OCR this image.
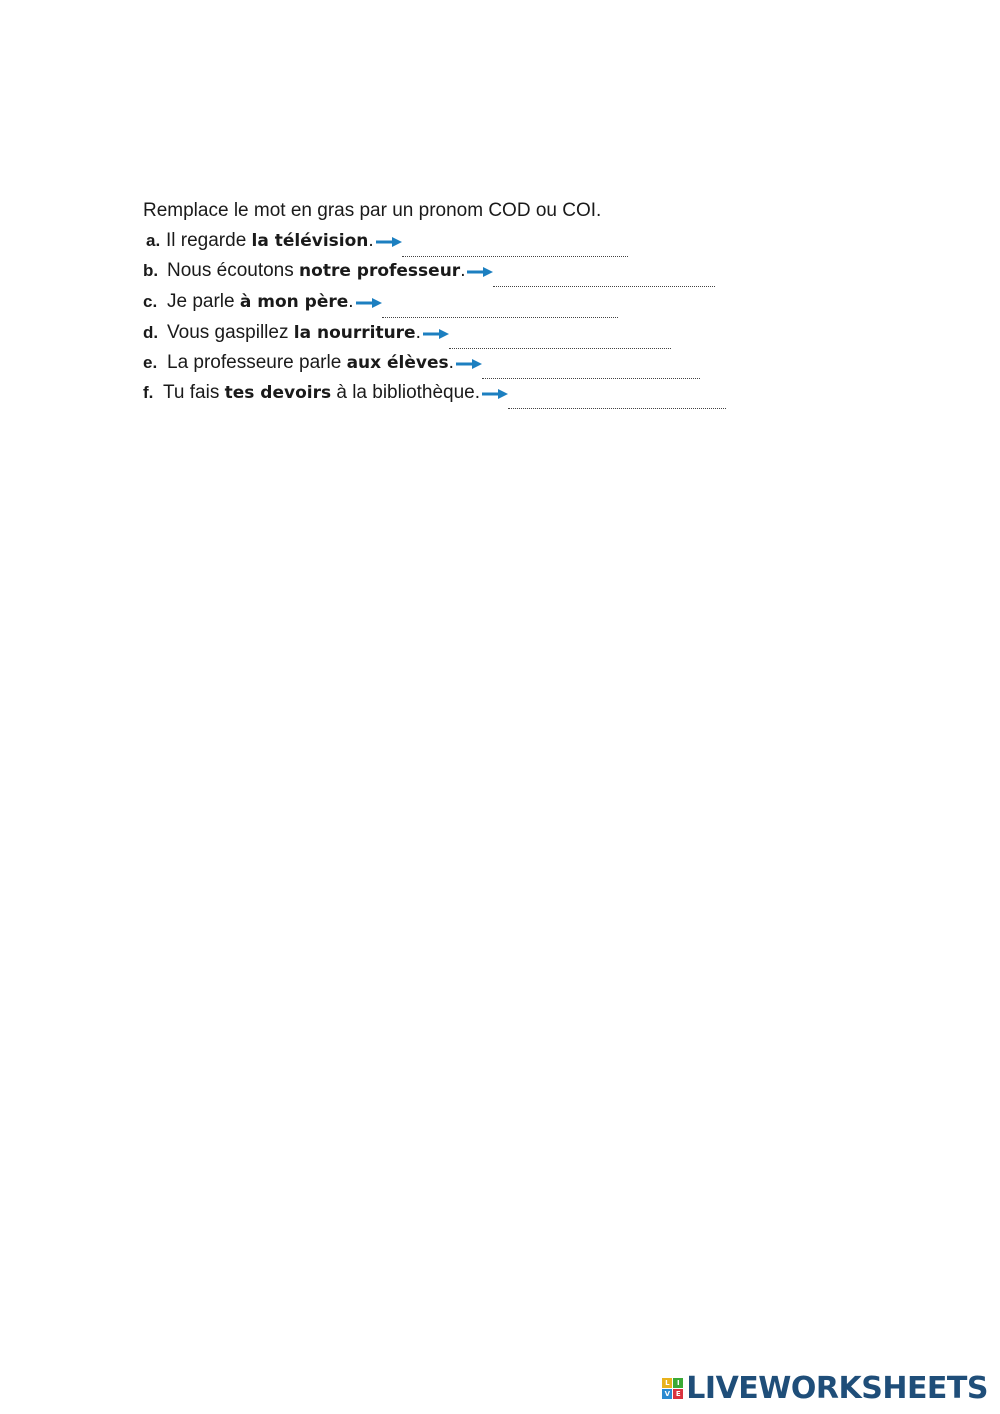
Remplace le mot en gras par un pronom COD ou COI.
a. Il regarde la télévision.
b. Nous écoutons notre professeur.
c. Je parle à mon père.
d. Vous gaspillez la nourriture.
e. La professeure parle aux élèves.
f. Tu fais tes devoirs à la bibliothèque.
L	I
V E LIVEWORKSHEETS
